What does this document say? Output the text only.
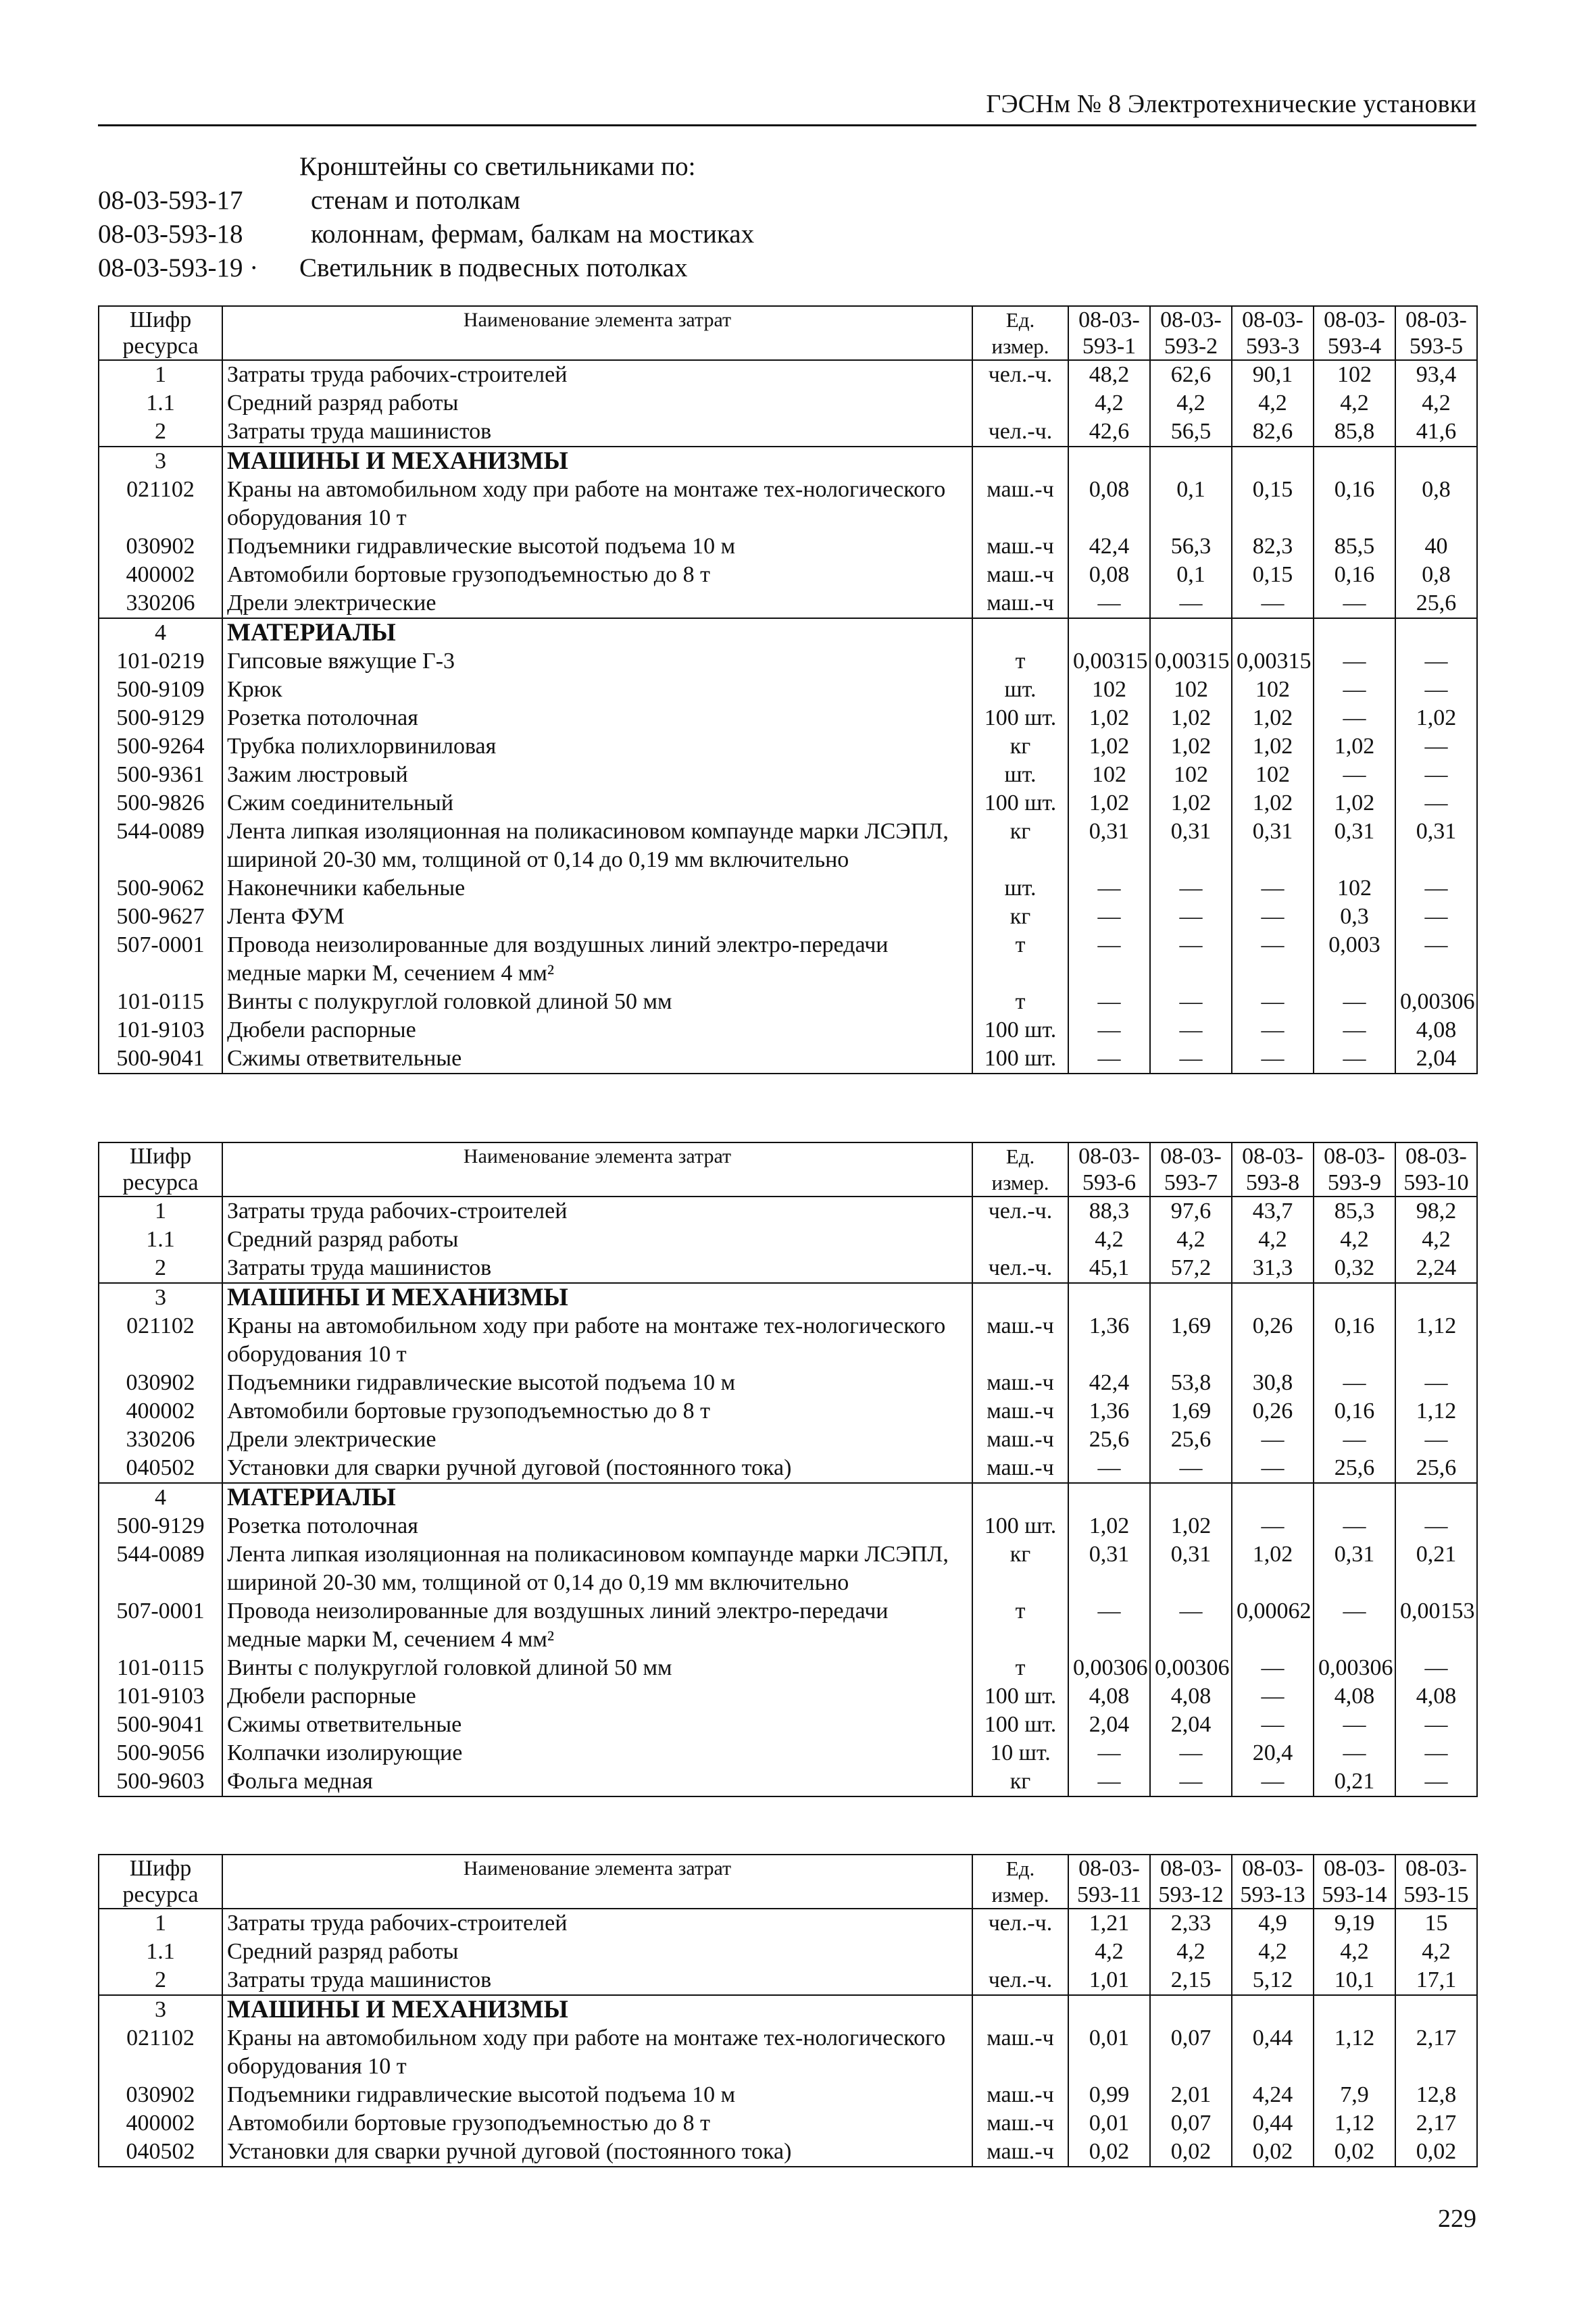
ГЭСНм № 8 Электротехнические установки
Кронштейны со светильниками по:
08-03-593-17	стенам и потолкам
08-03-593-18	колоннам, фермам, балкам на мостиках
08-03-593-19 · Светильник в подвесных потолках
Шифр ресурса	Наименование элемента затрат	Ед. измер.	08-03-593-1	08-03-593-2	08-03-593-3	08-03-593-4	08-03-593-5
1	Затраты труда рабочих-строителей	чел.-ч.	48,2	62,6	90,1	102	93,4
1.1	Средний разряд работы		4,2	4,2	4,2	4,2	4,2
2	Затраты труда машинистов	чел.-ч.	42,6	56,5	82,6	85,8	41,6
3	МАШИНЫ И МЕХАНИЗМЫ						
021102	Краны на автомобильном ходу при работе на монтаже тех-нологического оборудования 10 т	маш.-ч	0,08	0,1	0,15	0,16	0,8
030902	Подъемники гидравлические высотой подъема 10 м	маш.-ч	42,4	56,3	82,3	85,5	40
400002	Автомобили бортовые грузоподъемностью до 8 т	маш.-ч	0,08	0,1	0,15	0,16	0,8
330206	Дрели электрические	маш.-ч	—	—	—	—	25,6
4	МАТЕРИАЛЫ						
101-0219	Гипсовые вяжущие Г-3	т	0,00315	0,00315	0,00315	—	—
500-9109	Крюк	шт.	102	102	102	—	—
500-9129	Розетка потолочная	100 шт.	1,02	1,02	1,02	—	1,02
500-9264	Трубка полихлорвиниловая	кг	1,02	1,02	1,02	1,02	—
500-9361	Зажим люстровый	шт.	102	102	102	—	—
500-9826	Сжим соединительный	100 шт.	1,02	1,02	1,02	1,02	—
544-0089	Лента липкая изоляционная на поликасиновом компаунде марки ЛСЭПЛ, шириной 20-30 мм, толщиной от 0,14 до 0,19 мм включительно	кг	0,31	0,31	0,31	0,31	0,31
500-9062	Наконечники кабельные	шт.	—	—	—	102	—
500-9627	Лента ФУМ	кг	—	—	—	0,3	—
507-0001	Провода неизолированные для воздушных линий электро-передачи медные марки М, сечением 4 мм²	т	—	—	—	0,003	—
101-0115	Винты с полукруглой головкой длиной 50 мм	т	—	—	—	—	0,00306
101-9103	Дюбели распорные	100 шт.	—	—	—	—	4,08
500-9041	Сжимы ответвительные	100 шт.	—	—	—	—	2,04
Шифр ресурса	Наименование элемента затрат	Ед. измер.	08-03-593-6	08-03-593-7	08-03-593-8	08-03-593-9	08-03-593-10
1	Затраты труда рабочих-строителей	чел.-ч.	88,3	97,6	43,7	85,3	98,2
1.1	Средний разряд работы		4,2	4,2	4,2	4,2	4,2
2	Затраты труда машинистов	чел.-ч.	45,1	57,2	31,3	0,32	2,24
3	МАШИНЫ И МЕХАНИЗМЫ						
021102	Краны на автомобильном ходу при работе на монтаже тех-нологического оборудования 10 т	маш.-ч	1,36	1,69	0,26	0,16	1,12
030902	Подъемники гидравлические высотой подъема 10 м	маш.-ч	42,4	53,8	30,8	—	—
400002	Автомобили бортовые грузоподъемностью до 8 т	маш.-ч	1,36	1,69	0,26	0,16	1,12
330206	Дрели электрические	маш.-ч	25,6	25,6	—	—	—
040502	Установки для сварки ручной дуговой (постоянного тока)	маш.-ч	—	—	—	25,6	25,6
4	МАТЕРИАЛЫ						
500-9129	Розетка потолочная	100 шт.	1,02	1,02	—	—	—
544-0089	Лента липкая изоляционная на поликасиновом компаунде марки ЛСЭПЛ, шириной 20-30 мм, толщиной от 0,14 до 0,19 мм включительно	кг	0,31	0,31	1,02	0,31	0,21
507-0001	Провода неизолированные для воздушных линий электро-передачи медные марки М, сечением 4 мм²	т	—	—	0,00062	—	0,00153
101-0115	Винты с полукруглой головкой длиной 50 мм	т	0,00306	0,00306	—	0,00306	—
101-9103	Дюбели распорные	100 шт.	4,08	4,08	—	4,08	4,08
500-9041	Сжимы ответвительные	100 шт.	2,04	2,04	—	—	—
500-9056	Колпачки изолирующие	10 шт.	—	—	20,4	—	—
500-9603	Фольга медная	кг	—	—	—	0,21	—
Шифр ресурса	Наименование элемента затрат	Ед. измер.	08-03-593-11	08-03-593-12	08-03-593-13	08-03-593-14	08-03-593-15
1	Затраты труда рабочих-строителей	чел.-ч.	1,21	2,33	4,9	9,19	15
1.1	Средний разряд работы		4,2	4,2	4,2	4,2	4,2
2	Затраты труда машинистов	чел.-ч.	1,01	2,15	5,12	10,1	17,1
3	МАШИНЫ И МЕХАНИЗМЫ						
021102	Краны на автомобильном ходу при работе на монтаже тех-нологического оборудования 10 т	маш.-ч	0,01	0,07	0,44	1,12	2,17
030902	Подъемники гидравлические высотой подъема 10 м	маш.-ч	0,99	2,01	4,24	7,9	12,8
400002	Автомобили бортовые грузоподъемностью до 8 т	маш.-ч	0,01	0,07	0,44	1,12	2,17
040502	Установки для сварки ручной дуговой (постоянного тока)	маш.-ч	0,02	0,02	0,02	0,02	0,02
229
